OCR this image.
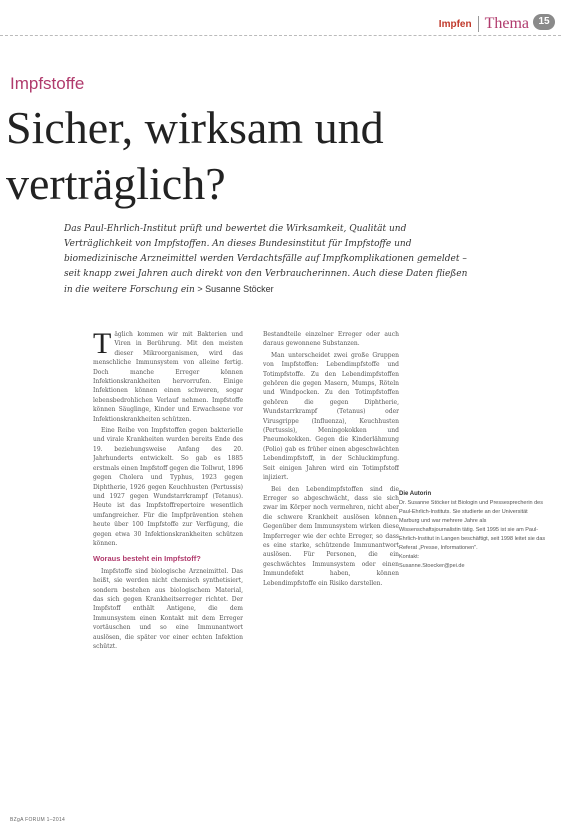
Impfen Thema 15
Impfstoffe
Sicher, wirksam und verträglich?

Das Paul-Ehrlich-Institut prüft und bewertet die Wirksamkeit, Qualität und Verträglichkeit von Impfstoffen. An dieses Bundesinstitut für Impfstoffe und biomedizinische Arzneimittel werden Verdachtsfälle auf Impfkomplikationen gemeldet – seit knapp zwei Jahren auch direkt von den Verbraucherinnen. Auch diese Daten fließen in die weitere Forschung ein > Susanne Stöcker

Täglich kommen wir mit Bakterien und Viren in Berührung. Mit den meisten dieser Mikroorganismen, wird das menschliche Immunsystem von alleine fertig. Doch manche Erreger können Infektionskrankheiten hervorrufen. Einige Infektionen können einen schweren, sogar lebensbedrohlichen Verlauf nehmen. Impfstoffe können Säuglinge, Kinder und Erwachsene vor Infektionskrankheiten schützen.

Eine Reihe von Impfstoffen gegen bakterielle und virale Krankheiten wurden bereits Ende des 19. beziehungsweise Anfang des 20. Jahrhunderts entwickelt. So gab es 1885 erstmals einen Impfstoff gegen die Tollwut, 1896 gegen Cholera und Typhus, 1923 gegen Diphtherie, 1926 gegen Keuchhusten (Pertussis) und 1927 gegen Wundstarrkrampf (Tetanus). Heute ist das Impfstoffrepertoire wesentlich umfangreicher. Für die Impfprävention stehen heute über 100 Impfstoffe zur Verfügung, die gegen etwa 30 Infektionskrankheiten schützen können.

Woraus besteht ein Impfstoff?

Impfstoffe sind biologische Arzneimittel. Das heißt, sie werden nicht chemisch synthetisiert, sondern bestehen aus biologischem Material, das sich gegen Krankheitserreger richtet. Der Impfstoff enthält Antigene, die dem Immunsystem einen Kontakt mit dem Erreger vortäuschen und so eine Immunantwort auslösen, die später vor einer echten Infektion schützt.

Bestandteile einzelner Erreger oder auch daraus gewonnene Substanzen.

Man unterscheidet zwei große Gruppen von Impfstoffen: Lebendimpfstoffe und Totimpfstoffe. Zu den Lebendimpfstoffen gehören die gegen Masern, Mumps, Röteln und Windpocken. Zu den Totimpfstoffen gehören die gegen Diphtherie, Wundstarrkrampf (Tetanus) oder Virusgrippe (Influenza), Keuchhusten (Pertussis), Meningokokken und Pneumokokken. Gegen die Kinderlähmung (Polio) gab es früher einen abgeschwächten Lebendimpfstoff, in der Schluckimpfung. Seit einigen Jahren wird ein Totimpfstoff injiziert.

Bei den Lebendimpfstoffen sind die Erreger so abgeschwächt, dass sie sich zwar im Körper noch vermehren, nicht aber die schwere Krankheit auslösen können. Gegenüber dem Immunsystem wirken diese Impferreger wie der echte Erreger, so dass es eine starke, schützende Immunantwort auslösen. Für Personen, die ein geschwächtes Immunsystem oder einen Immundefekt haben, können Lebendimpfstoffe ein Risiko darstellen.

Die Autorin
Dr. Susanne Stöcker ist Biologin und Pressesprecherin des Paul-Ehrlich-Instituts. Sie studierte an der Universität Marburg und war mehrere Jahre als Wissenschaftsjournalistin tätig. Seit 1995 ist sie am Paul-Ehrlich-Institut in Langen beschäftigt, seit 1998 leitet sie das Referat „Presse, Informationen".
Kontakt:
Susanne.Stoecker@pei.de
BZgA FORUM 1–2014
